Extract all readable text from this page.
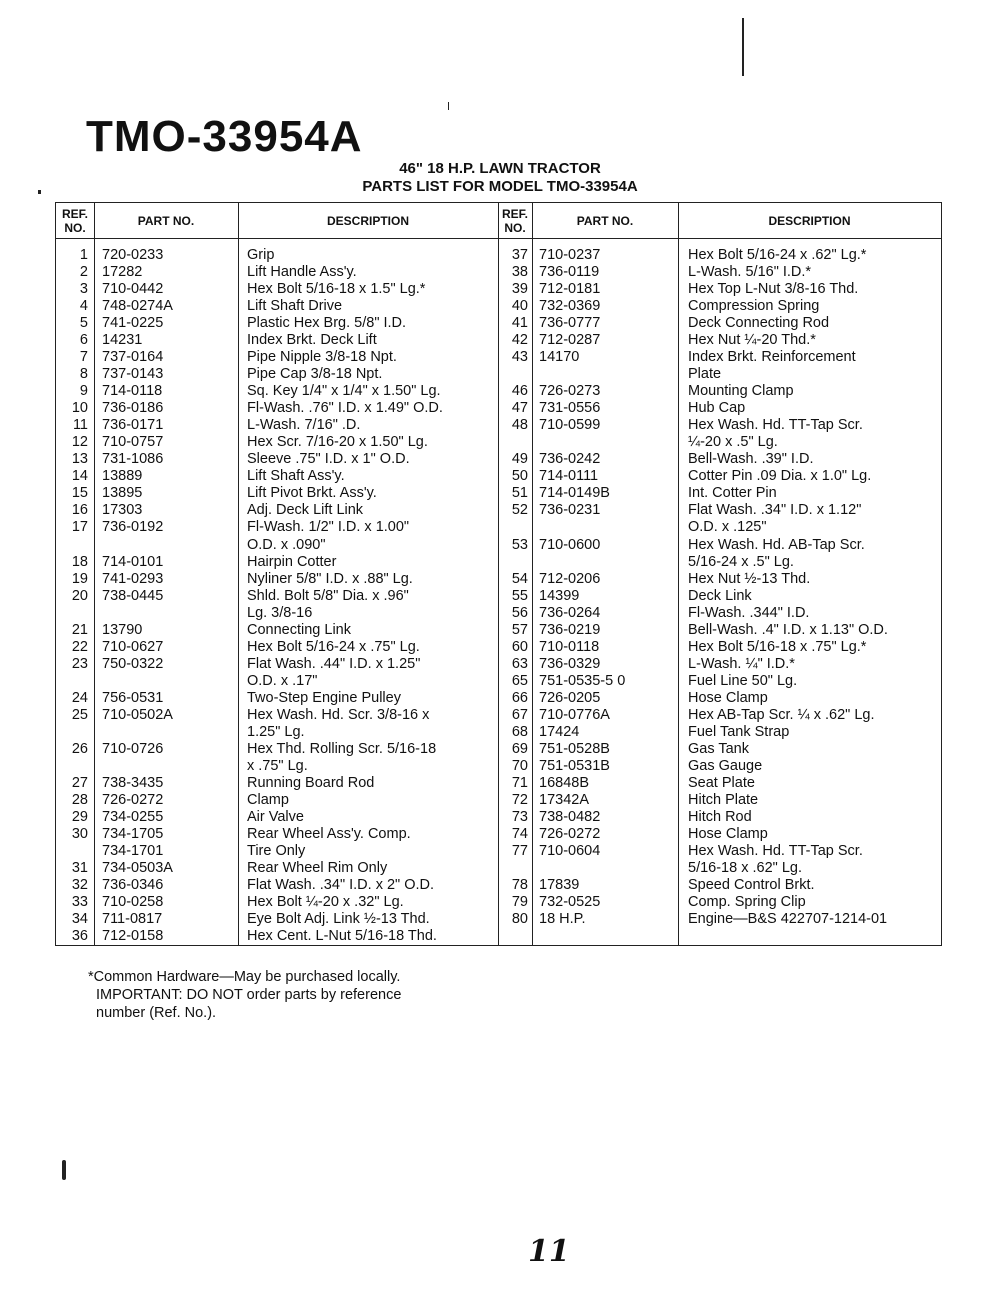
TMO-33954A

46" 18 H.P. LAWN TRACTOR

PARTS LIST FOR MODEL TMO-33954A

REF. NO.	PART NO.	DESCRIPTION	REF. NO.	PART NO.	DESCRIPTION
1 720-0233	Grip
2 17282	Lift Handle Ass'y.
3 710-0442	Hex Bolt 5/16-18 x 1.5" Lg.*
4 748-0274A	Lift Shaft Drive
5 741-0225	Plastic Hex Brg. 5/8" I.D.
6 14231	Index Brkt. Deck Lift
7 737-0164	Pipe Nipple 3/8-18 Npt.
8 737-0143	Pipe Cap 3/8-18 Npt.
9 714-0118	Sq. Key 1/4" x 1/4" x 1.50" Lg.
10 736-0186	Fl-Wash. .76" I.D. x 1.49" O.D.
11 736-0171	L-Wash. 7/16" .D.
12 710-0757	Hex Scr. 7/16-20 x 1.50" Lg.
13 731-1086	Sleeve .75" I.D. x 1" O.D.
14 13889	Lift Shaft Ass'y.
15 13895	Lift Pivot Brkt. Ass'y.
16 17303	Adj. Deck Lift Link
17 736-0192	Fl-Wash. 1/2" I.D. x 1.00"
O.D. x .090"
18 714-0101	Hairpin Cotter
19 741-0293	Nyliner 5/8" I.D. x .88" Lg.
20 738-0445	Shld. Bolt 5/8" Dia. x .96"
Lg. 3/8-16
21 13790	Connecting Link
22 710-0627	Hex Bolt 5/16-24 x .75" Lg.
23 750-0322	Flat Wash. .44" I.D. x 1.25"
O.D. x .17"
24 756-0531	Two-Step Engine Pulley
25 710-0502A	Hex Wash. Hd. Scr. 3/8-16 x
1.25" Lg.
26 710-0726	Hex Thd. Rolling Scr. 5/16-18
x .75" Lg.
27 738-3435	Running Board Rod
28 726-0272	Clamp
29 734-0255	Air Valve
30 734-1705	Rear Wheel Ass'y. Comp.
734-1701	Tire Only
31 734-0503A	Rear Wheel Rim Only
32 736-0346	Flat Wash. .34" I.D. x 2" O.D.
33 710-0258	Hex Bolt ¼-20 x .32" Lg.
34 711-0817	Eye Bolt Adj. Link ½-13 Thd.
36 712-0158	Hex Cent. L-Nut 5/16-18 Thd.
37 710-0237	Hex Bolt 5/16-24 x .62" Lg.*
38 736-0119	L-Wash. 5/16" I.D.*
39 712-0181	Hex Top L-Nut 3/8-16 Thd.
40 732-0369	Compression Spring
41 736-0777	Deck Connecting Rod
42 712-0287	Hex Nut ¼-20 Thd.*
43 14170	Index Brkt. Reinforcement
Plate
46 726-0273	Mounting Clamp
47 731-0556	Hub Cap
48 710-0599	Hex Wash. Hd. TT-Tap Scr.
¼-20 x .5" Lg.
49 736-0242	Bell-Wash. .39" I.D.
50 714-0111	Cotter Pin .09 Dia. x 1.0" Lg.
51 714-0149B	Int. Cotter Pin
52 736-0231	Flat Wash. .34" I.D. x 1.12"
O.D. x .125"
53 710-0600	Hex Wash. Hd. AB-Tap Scr.
5/16-24 x .5" Lg.
54 712-0206	Hex Nut ½-13 Thd.
55 14399	Deck Link
56 736-0264	Fl-Wash. .344" I.D.
57 736-0219	Bell-Wash. .4" I.D. x 1.13" O.D.
60 710-0118	Hex Bolt 5/16-18 x .75" Lg.*
63 736-0329	L-Wash. ¼" I.D.*
65 751-0535-5 0	Fuel Line 50" Lg.
66 726-0205	Hose Clamp
67 710-0776A	Hex AB-Tap Scr. ¼ x .62" Lg.
68 17424	Fuel Tank Strap
69 751-0528B	Gas Tank
70 751-0531B	Gas Gauge
71 16848B	Seat Plate
72 17342A	Hitch Plate
73 738-0482	Hitch Rod
74 726-0272	Hose Clamp
77 710-0604	Hex Wash. Hd. TT-Tap Scr.
5/16-18 x .62" Lg.
78 17839	Speed Control Brkt.
79 732-0525	Comp. Spring Clip
80 18 H.P.	Engine—B&S 422707-1214-01

*Common Hardware—May be purchased locally.

IMPORTANT: DO NOT order parts by reference

number (Ref. No.).

11
